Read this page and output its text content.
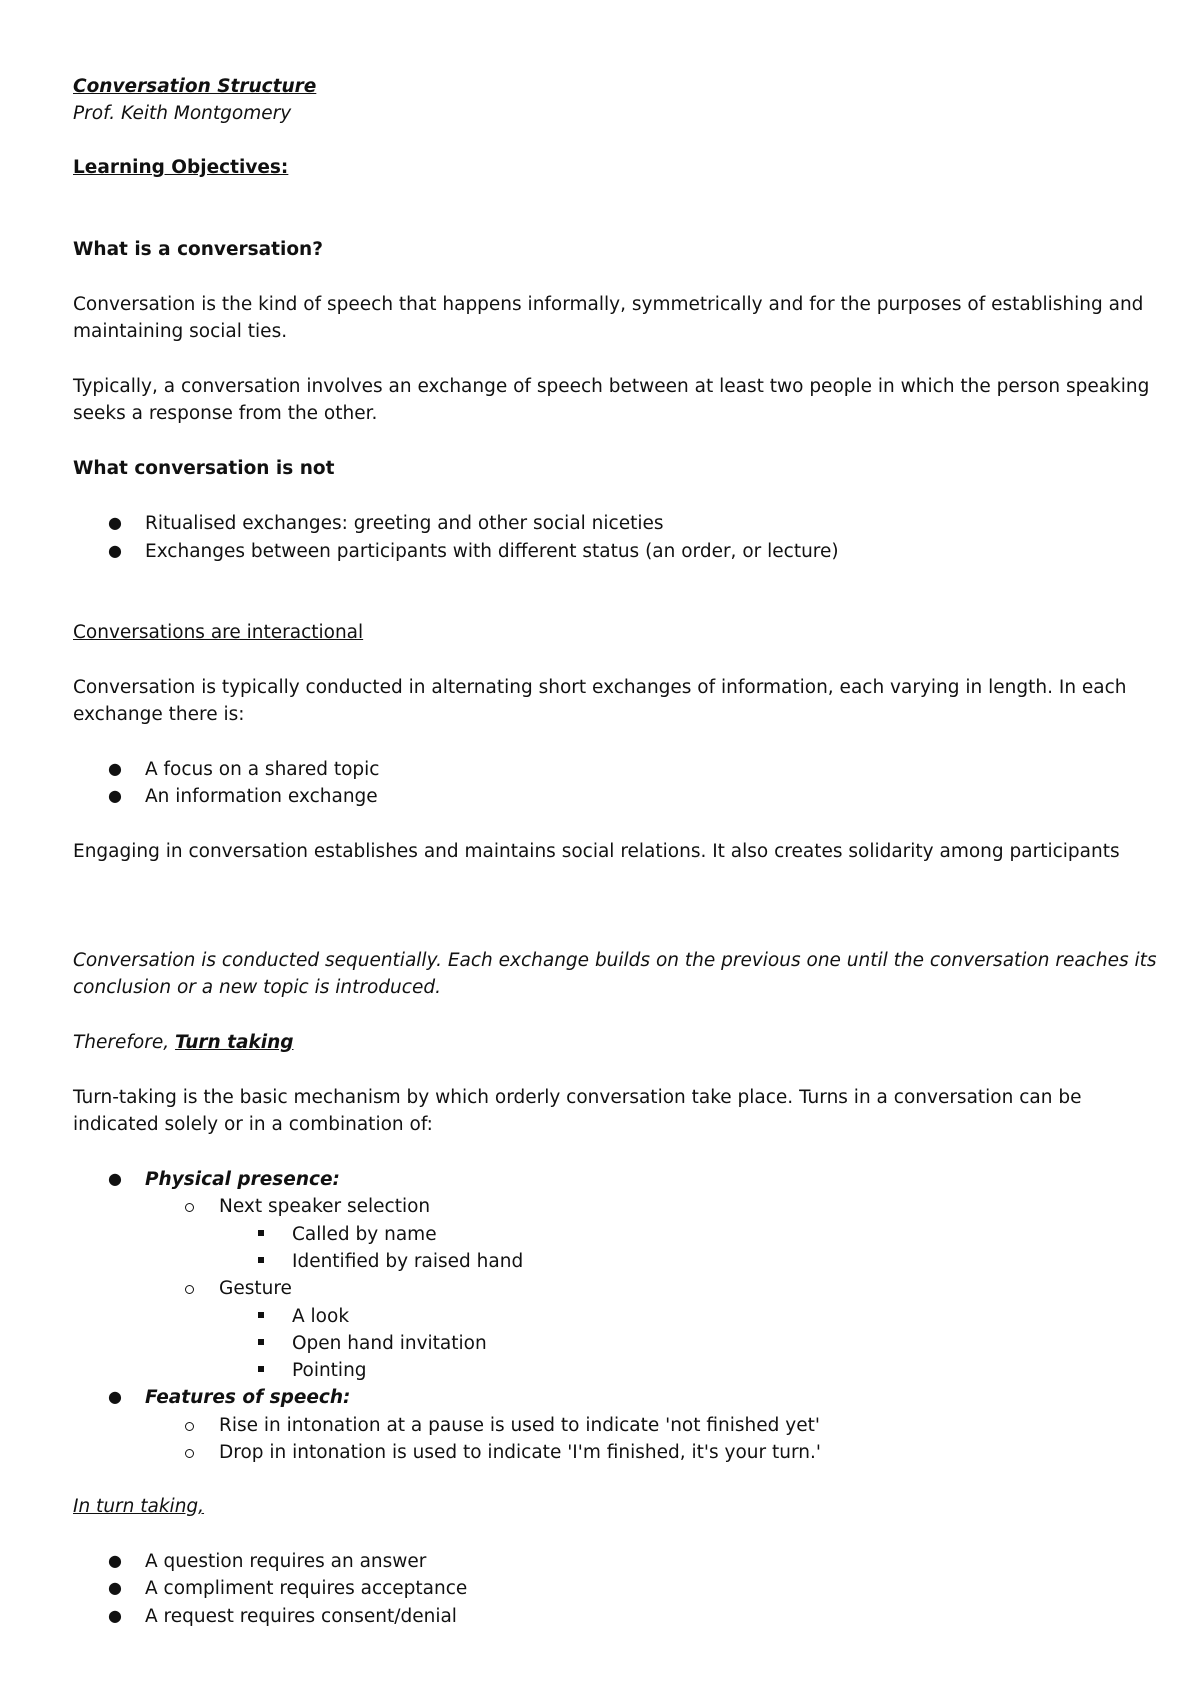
Conversation Structure
Prof. Keith Montgomery
Learning Objectives:
What is a conversation?
Conversation is the kind of speech that happens informally, symmetrically and for the purposes of establishing and
maintaining social ties.
Typically, a conversation involves an exchange of speech between at least two people in which the person speaking
seeks a response from the other.
What conversation is not
● Ritualised exchanges: greeting and other social niceties
● Exchanges between participants with different status (an order, or lecture)
Conversations are interactional
Conversation is typically conducted in alternating short exchanges of information, each varying in length. In each
exchange there is:
● A focus on a shared topic
● An information exchange
Engaging in conversation establishes and maintains social relations. It also creates solidarity among participants
Conversation is conducted sequentially. Each exchange builds on the previous one until the conversation reaches its
conclusion or a new topic is introduced.
Therefore, Turn taking
Turn-taking is the basic mechanism by which orderly conversation take place. Turns in a conversation can be
indicated solely or in a combination of:
● Physical presence:
Next speaker selection
Called by name
Identified by raised hand
Gesture
A look
Open hand invitation
Pointing
● Features of speech:
Rise in intonation at a pause is used to indicate 'not finished yet'
Drop in intonation is used to indicate 'I'm finished, it's your turn.'
In turn taking,
● A question requires an answer
● A compliment requires acceptance
● A request requires consent/denial
